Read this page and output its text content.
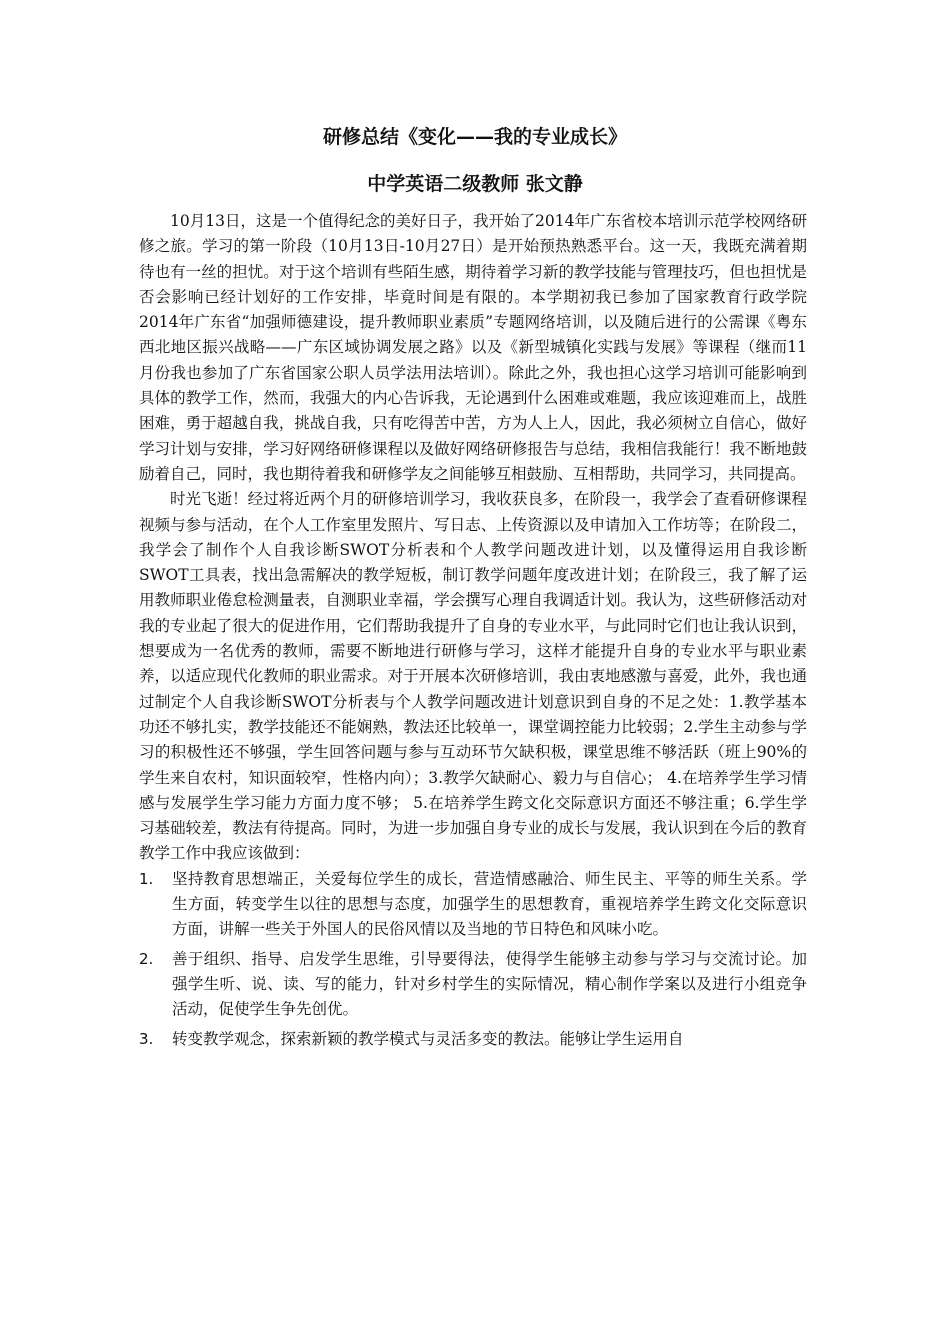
研修总结《变化——我的专业成长》
中学英语二级教师 张文静

10月13日，这是一个值得纪念的美好日子，我开始了2014年广东省校本培训示范学校网络研修之旅。学习的第一阶段（10月13日-10月27日）是开始预热熟悉平台。这一天，我既充满着期待也有一丝的担忧。对于这个培训有些陌生感，期待着学习新的教学技能与管理技巧，但也担忧是否会影响已经计划好的工作安排，毕竟时间是有限的。本学期初我已参加了国家教育行政学院2014年广东省“加强师德建设，提升教师职业素质”专题网络培训，以及随后进行的公需课《粤东西北地区振兴战略——广东区域协调发展之路》以及《新型城镇化实践与发展》等课程（继而11月份我也参加了广东省国家公职人员学法用法培训）。除此之外，我也担心这学习培训可能影响到具体的教学工作，然而，我强大的内心告诉我，无论遇到什么困难或难题，我应该迎难而上，战胜困难，勇于超越自我，挑战自我，只有吃得苦中苦，方为人上人，因此，我必须树立自信心，做好学习计划与安排，学习好网络研修课程以及做好网络研修报告与总结，我相信我能行！我不断地鼓励着自己，同时，我也期待着我和研修学友之间能够互相鼓励、互相帮助，共同学习，共同提高。

时光飞逝！经过将近两个月的研修培训学习，我收获良多，在阶段一，我学会了查看研修课程视频与参与活动，在个人工作室里发照片、写日志、上传资源以及申请加入工作坊等；在阶段二，我学会了制作个人自我诊断SWOT分析表和个人教学问题改进计划，以及懂得运用自我诊断SWOT工具表，找出急需解决的教学短板，制订教学问题年度改进计划；在阶段三，我了解了运用教师职业倦怠检测量表，自测职业幸福，学会撰写心理自我调适计划。我认为，这些研修活动对我的专业起了很大的促进作用，它们帮助我提升了自身的专业水平，与此同时它们也让我认识到，想要成为一名优秀的教师，需要不断地进行研修与学习，这样才能提升自身的专业水平与职业素养，以适应现代化教师的职业需求。对于开展本次研修培训，我由衷地感激与喜爱，此外，我也通过制定个人自我诊断SWOT分析表与个人教学问题改进计划意识到自身的不足之处：1.教学基本功还不够扎实，教学技能还不能娴熟，教法还比较单一，课堂调控能力比较弱；2.学生主动参与学习的积极性还不够强，学生回答问题与参与互动环节欠缺积极，课堂思维不够活跃（班上90%的学生来自农村，知识面较窄，性格内向）；3.教学欠缺耐心、毅力与自信心； 4.在培养学生学习情感与发展学生学习能力方面力度不够； 5.在培养学生跨文化交际意识方面还不够注重；6.学生学习基础较差，教法有待提高。同时，为进一步加强自身专业的成长与发展，我认识到在今后的教育教学工作中我应该做到：

1.	坚持教育思想端正，关爱每位学生的成长，营造情感融洽、师生民主、平等的师生关系。学生方面，转变学生以往的思想与态度，加强学生的思想教育，重视培养学生跨文化交际意识方面，讲解一些关于外国人的民俗风情以及当地的节日特色和风味小吃。
2.	善于组织、指导、启发学生思维，引导要得法，使得学生能够主动参与学习与交流讨论。加强学生听、说、读、写的能力，针对乡村学生的实际情况，精心制作学案以及进行小组竞争活动，促使学生争先创优。
3.	转变教学观念，探索新颖的教学模式与灵活多变的教法。能够让学生运用自
